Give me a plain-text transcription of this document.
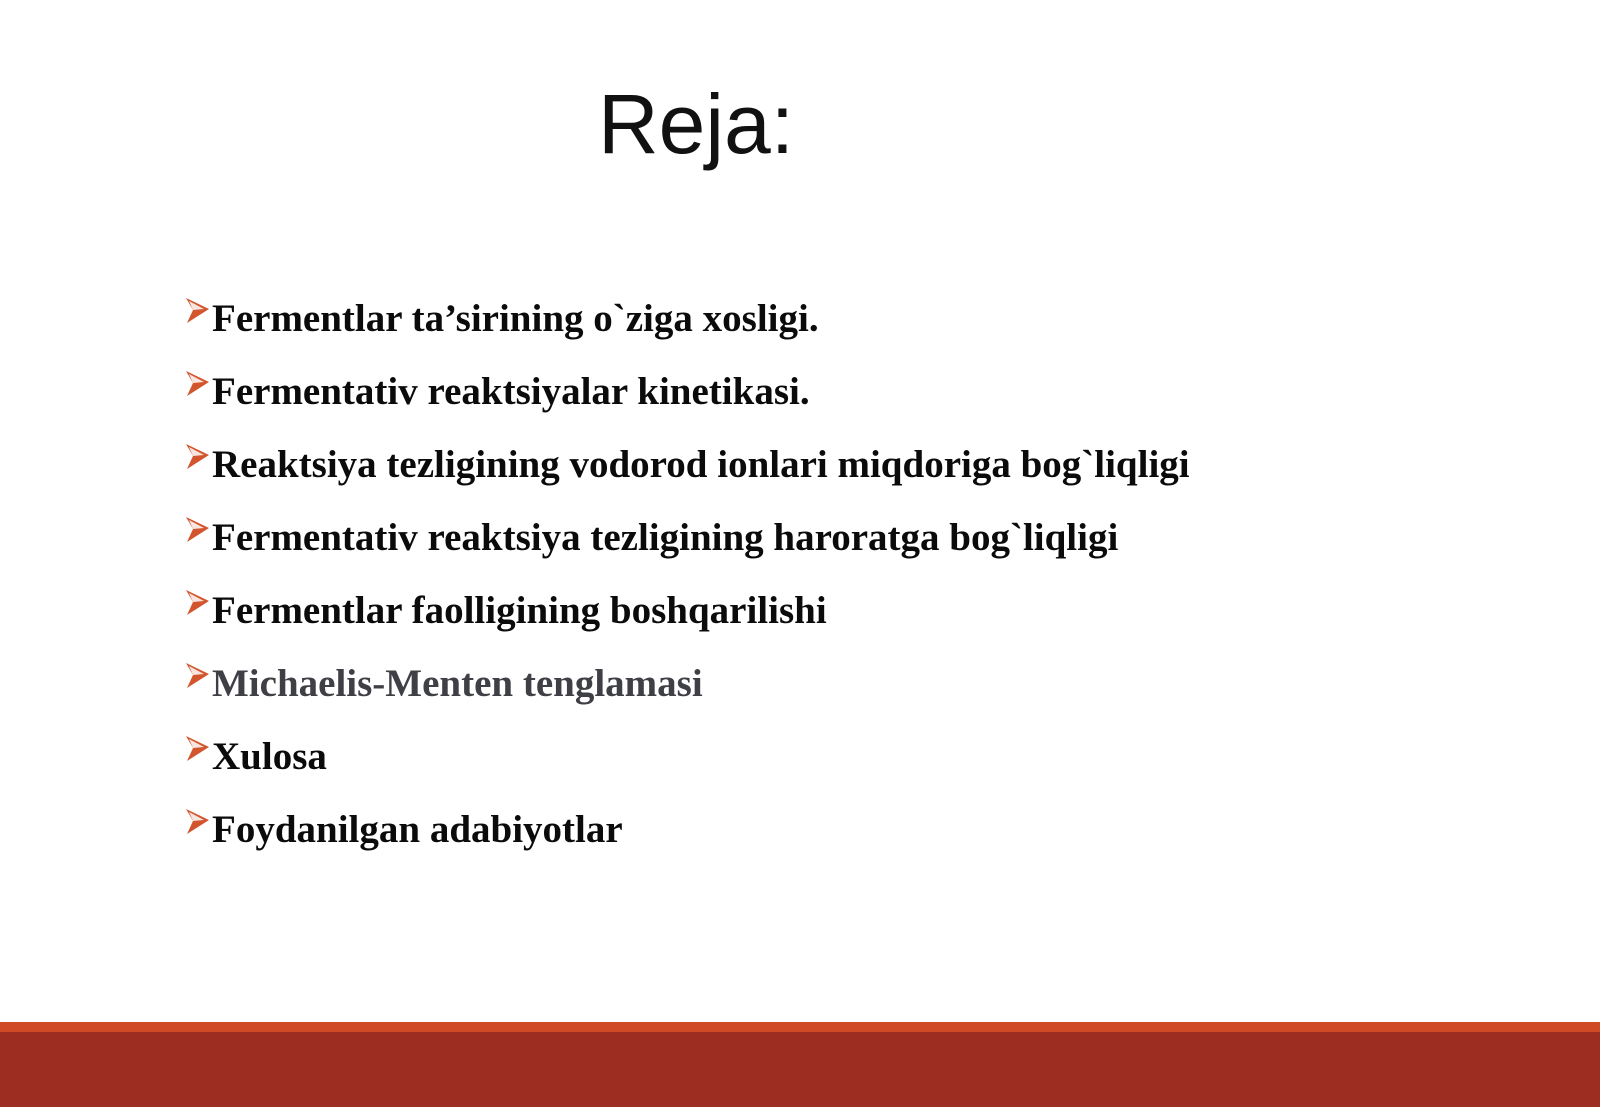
Reja:
Fermentlar ta’sirining o`ziga xosligi.
Fermentativ reaktsiyalar kinetikasi.
Reaktsiya tezligining vodorod ionlari miqdoriga bog`liqligi
Fermentativ reaktsiya tezligining haroratga bog`liqligi
Fermentlar faolligining boshqarilishi
Michaelis-Menten tenglamasi
Xulosa
Foydanilgan adabiyotlar
